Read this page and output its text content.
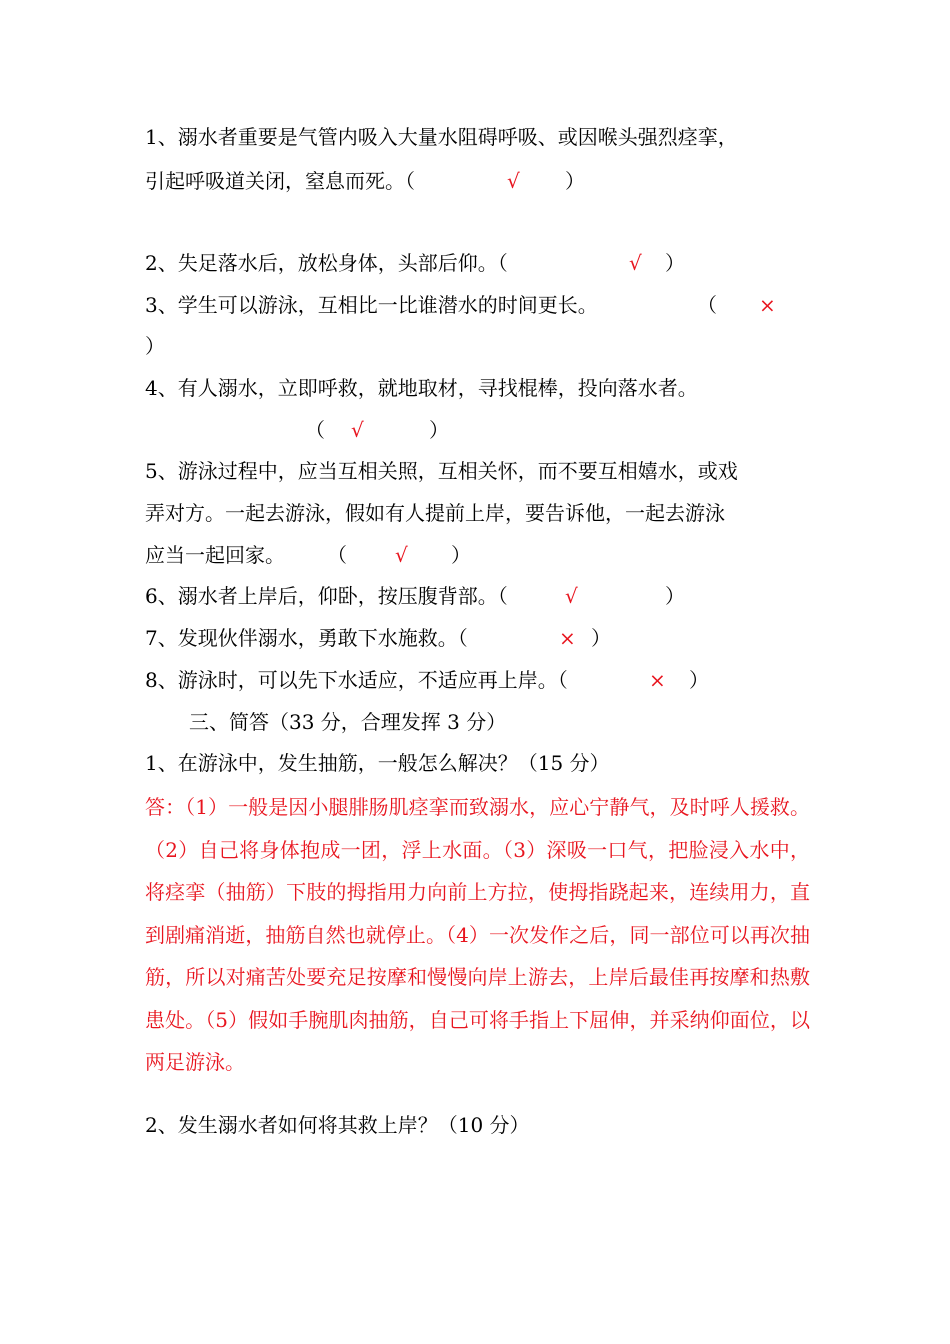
1、溺水者重要是气管内吸入大量水阻碍呼吸、或因喉头强烈痉挛，
引起呼吸道关闭，窒息而死。（	√ ）
2、失足落水后，放松身体，头部后仰。（	√ ）
3、学生可以游泳，互相比一比谁潜水的时间更长。	（ ×
）
4、有人溺水，立即呼救，就地取材，寻找棍棒，投向落水者。
（ √	）
5、游泳过程中，应当互相关照，互相关怀，而不要互相嬉水，或戏
弄对方。一起去游泳，假如有人提前上岸，要告诉他，一起去游泳
应当一起回家。 （ √ ）
6、溺水者上岸后，仰卧，按压腹背部。（	√	）
7、发现伙伴溺水，勇敢下水施救。（	× ）
8、游泳时，可以先下水适应，不适应再上岸。（	× ）
三、简答（33 分，合理发挥 3 分）
1、在游泳中，发生抽筋，一般怎么解决？（15 分）
答：（1）一般是因小腿腓肠肌痉挛而致溺水，应心宁静气，及时呼人援救。（2）自己将身体抱成一团，浮上水面。（3）深吸一口气，把脸浸入水中，将痉挛（抽筋）下肢的拇指用力向前上方拉，使拇指跷起来，连续用力，直到剧痛消逝，抽筋自然也就停止。（4）一次发作之后，同一部位可以再次抽筋，所以对痛苦处要充足按摩和慢慢向岸上游去，上岸后最佳再按摩和热敷患处。（5）假如手腕肌肉抽筋，自己可将手指上下屈伸，并采纳仰面位，以两足游泳。
2、发生溺水者如何将其救上岸？（10 分）
